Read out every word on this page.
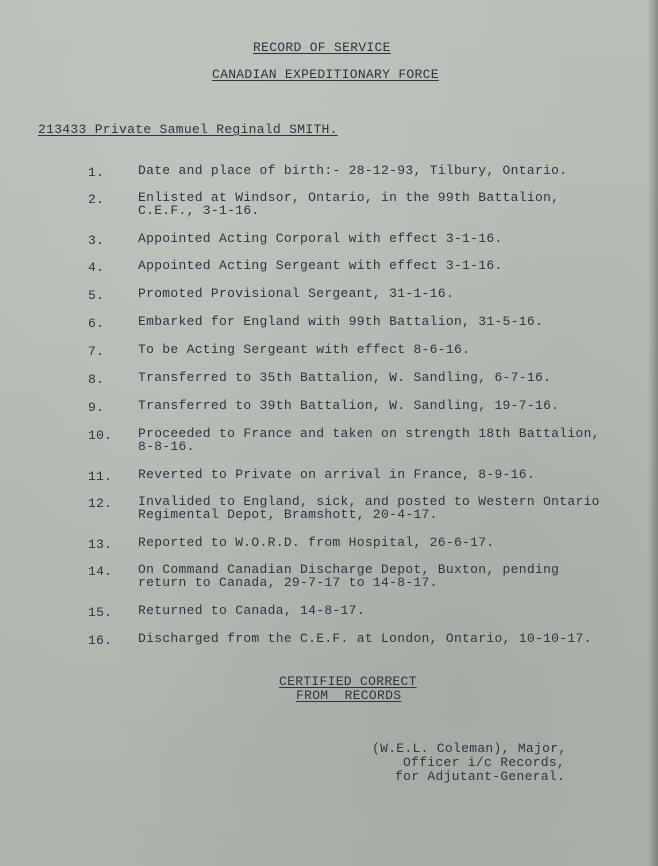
RECORD OF SERVICE
CANADIAN EXPEDITIONARY FORCE
213433 Private Samuel Reginald SMITH.
1.	Date and place of birth:- 28-12-93, Tilbury, Ontario.
2.	Enlisted at Windsor, Ontario, in the 99th Battalion,
C.E.F., 3-1-16.
3.	Appointed Acting Corporal with effect 3-1-16.
4.	Appointed Acting Sergeant with effect 3-1-16.
5.	Promoted Provisional Sergeant, 31-1-16.
6.	Embarked for England with 99th Battalion, 31-5-16.
7.	To be Acting Sergeant with effect 8-6-16.
8.	Transferred to 35th Battalion, W. Sandling, 6-7-16.
9.	Transferred to 39th Battalion, W. Sandling, 19-7-16.
10.	Proceeded to France and taken on strength 18th Battalion,
8-8-16.
11.	Reverted to Private on arrival in France, 8-9-16.
12.	Invalided to England, sick, and posted to Western Ontario
Regimental Depot, Bramshott, 20-4-17.
13.	Reported to W.O.R.D. from Hospital, 26-6-17.
14.	On Command Canadian Discharge Depot, Buxton, pending
return to Canada, 29-7-17 to 14-8-17.
15.	Returned to Canada, 14-8-17.
16.	Discharged from the C.E.F. at London, Ontario, 10-10-17.
CERTIFIED CORRECT
FROM  RECORDS
(W.E.L. Coleman), Major,
Officer i/c Records,
for Adjutant-General.
